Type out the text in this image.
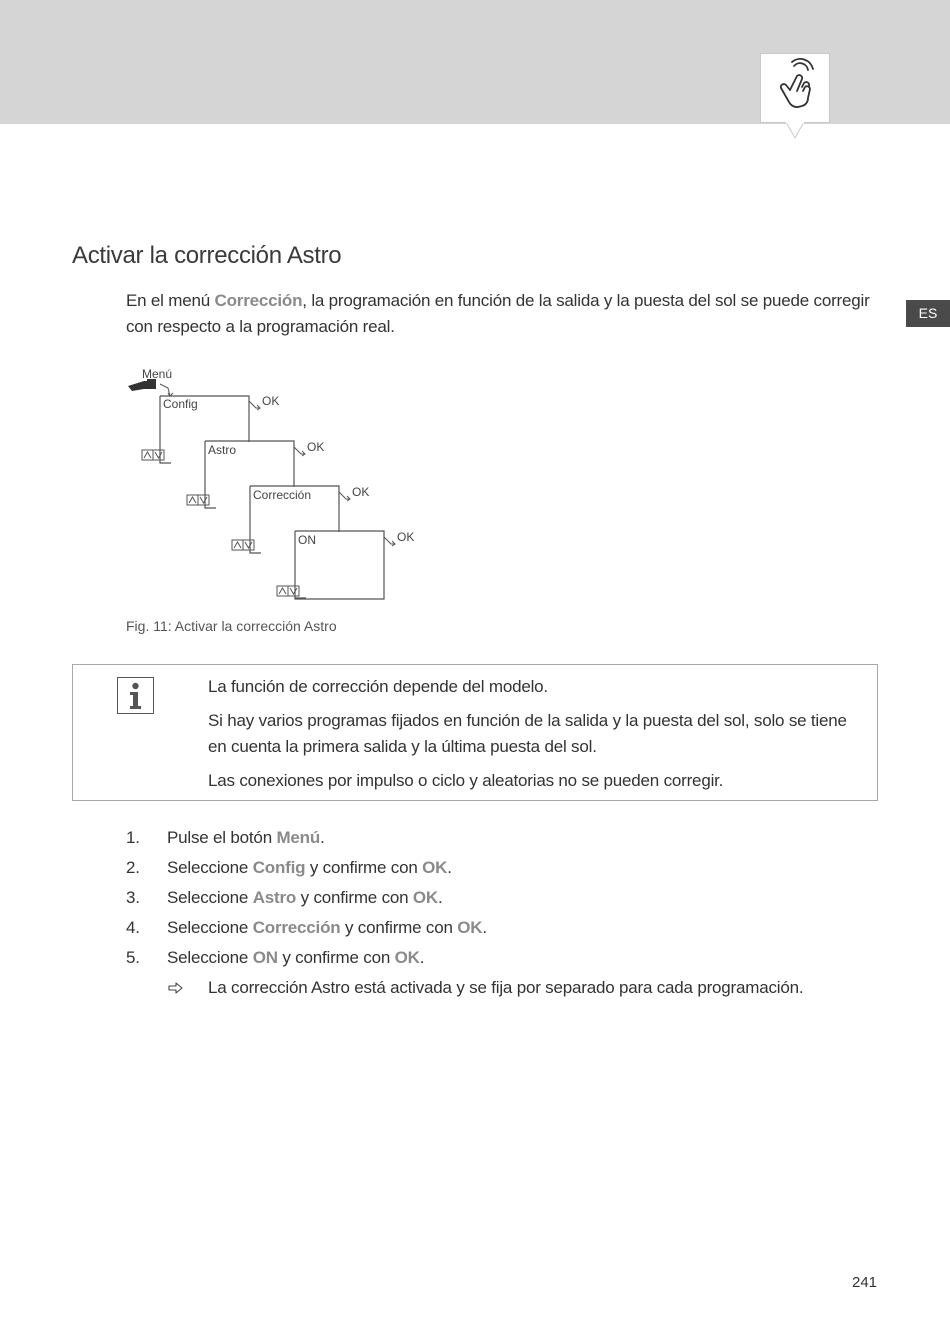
ES
Activar la corrección Astro

En el menú Corrección, la programación en función de la salida y la puesta del sol se puede corregir con respecto a la programación real.

Menú
Config
Astro
Corrección
ON
OK
OK
OK
OK

Fig. 11: Activar la corrección Astro

La función de corrección depende del modelo.

Si hay varios programas fijados en función de la salida y la puesta del sol, solo se tiene en cuenta la primera salida y la última puesta del sol.

Las conexiones por impulso o ciclo y aleatorias no se pueden corregir.

1. Pulse el botón Menú.
2. Seleccione Config y confirme con OK.
3. Seleccione Astro y confirme con OK.
4. Seleccione Corrección y confirme con OK.
5. Seleccione ON y confirme con OK.
La corrección Astro está activada y se fija por separado para cada programación.
241
